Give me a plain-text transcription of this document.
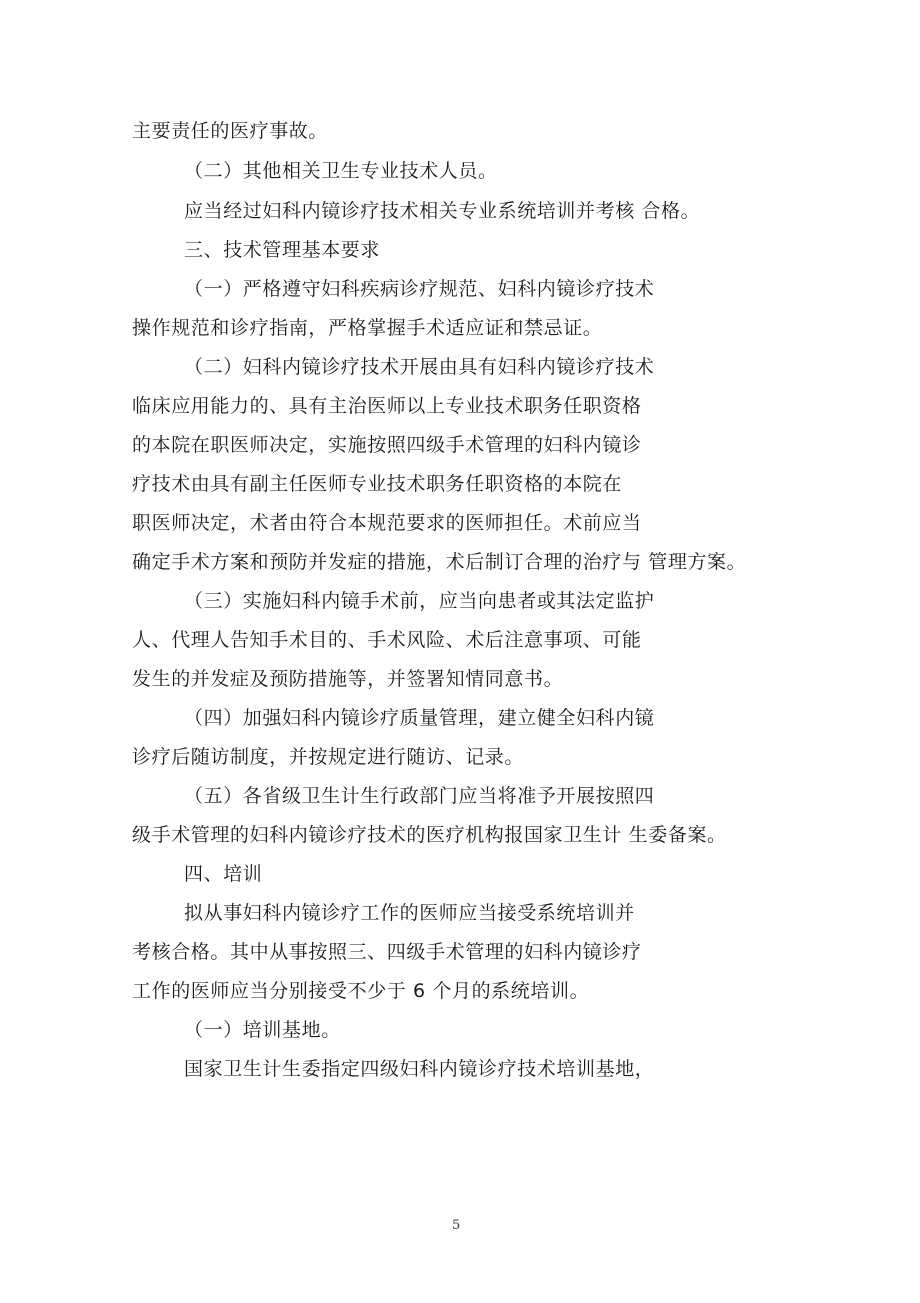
主要责任的医疗事故。

（二）其他相关卫生专业技术人员。

应当经过妇科内镜诊疗技术相关专业系统培训并考核 合格。

三、技术管理基本要求

（一）严格遵守妇科疾病诊疗规范、妇科内镜诊疗技术

操作规范和诊疗指南，严格掌握手术适应证和禁忌证。

（二）妇科内镜诊疗技术开展由具有妇科内镜诊疗技术

临床应用能力的、具有主治医师以上专业技术职务任职资格

的本院在职医师决定，实施按照四级手术管理的妇科内镜诊

疗技术由具有副主任医师专业技术职务任职资格的本院在

职医师决定，术者由符合本规范要求的医师担任。术前应当

确定手术方案和预防并发症的措施，术后制订合理的治疗与 管理方案。

（三）实施妇科内镜手术前，应当向患者或其法定监护

人、代理人告知手术目的、手术风险、术后注意事项、可能

发生的并发症及预防措施等，并签署知情同意书。

（四）加强妇科内镜诊疗质量管理，建立健全妇科内镜

诊疗后随访制度，并按规定进行随访、记录。

（五）各省级卫生计生行政部门应当将准予开展按照四

级手术管理的妇科内镜诊疗技术的医疗机构报国家卫生计 生委备案。

四、培训

拟从事妇科内镜诊疗工作的医师应当接受系统培训并

考核合格。其中从事按照三、四级手术管理的妇科内镜诊疗

工作的医师应当分别接受不少于 6 个月的系统培训。

（一）培训基地。

国家卫生计生委指定四级妇科内镜诊疗技术培训基地，

5
